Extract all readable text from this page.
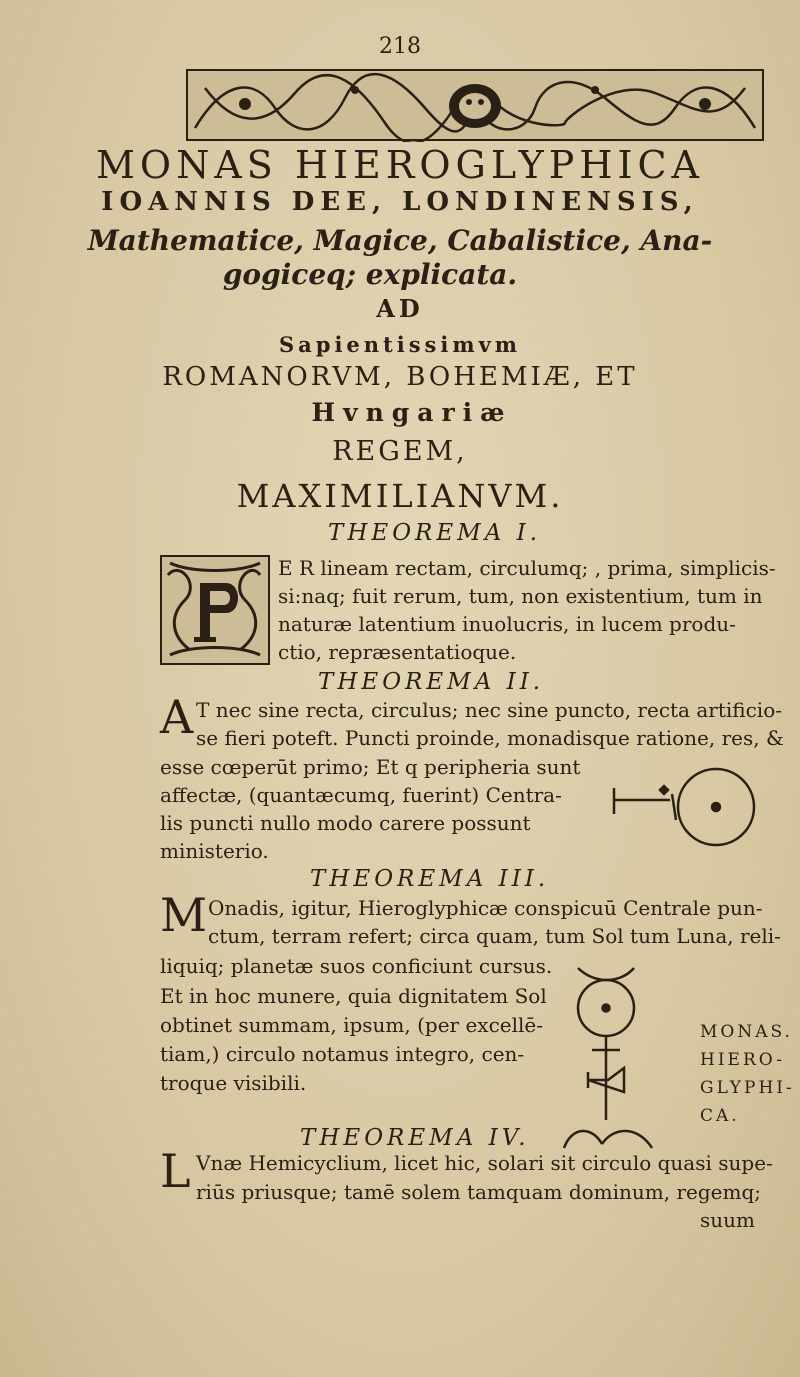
218
MONAS HIEROGLYPHICA
IOANNIS DEE, LONDINENSIS,
Mathematice, Magice, Cabalistice, Ana-
gogiceq; explicata.
AD
Sapientissimvm
ROMANORVM, BOHEMIÆ, ET
Hvngariæ
REGEM,
MAXIMILIANVM.
THEOREMA I.
E R lineam rectam, circulumq; , prima, simplicis-
si:naq; fuit rerum, tum, non existentium, tum in
naturæ latentium inuolucris, in lucem produ-
ctio, repræsentatioque.
THEOREMA II.
A T nec sine recta, circulus; nec sine puncto, recta artificio-
se fieri poteft. Puncti proinde, monadisque ratione, res, &
esse cœperūt primo; Et q peripheria sunt
affectæ, (quantæcumq, fuerint) Centra-
lis puncti nullo modo carere possunt
ministerio.
THEOREMA III.
M Onadis, igitur, Hieroglyphicæ conspicuū Centrale pun-
ctum, terram refert; circa quam, tum Sol tum Luna, reli-
liquiq; planetæ suos conficiunt cursus.
Et in hoc munere, quia dignitatem Sol
obtinet summam, ipsum, (per excellē-
tiam,) circulo notamus integro, cen-
troque visibili.
MONAS.
HIERO-
GLYPHI-
CA.
THEOREMA IV.
L Vnæ Hemicyclium, licet hic, solari sit circulo quasi supe-
riūs priusque; tamē solem tamquam dominum, regemq;
suum
